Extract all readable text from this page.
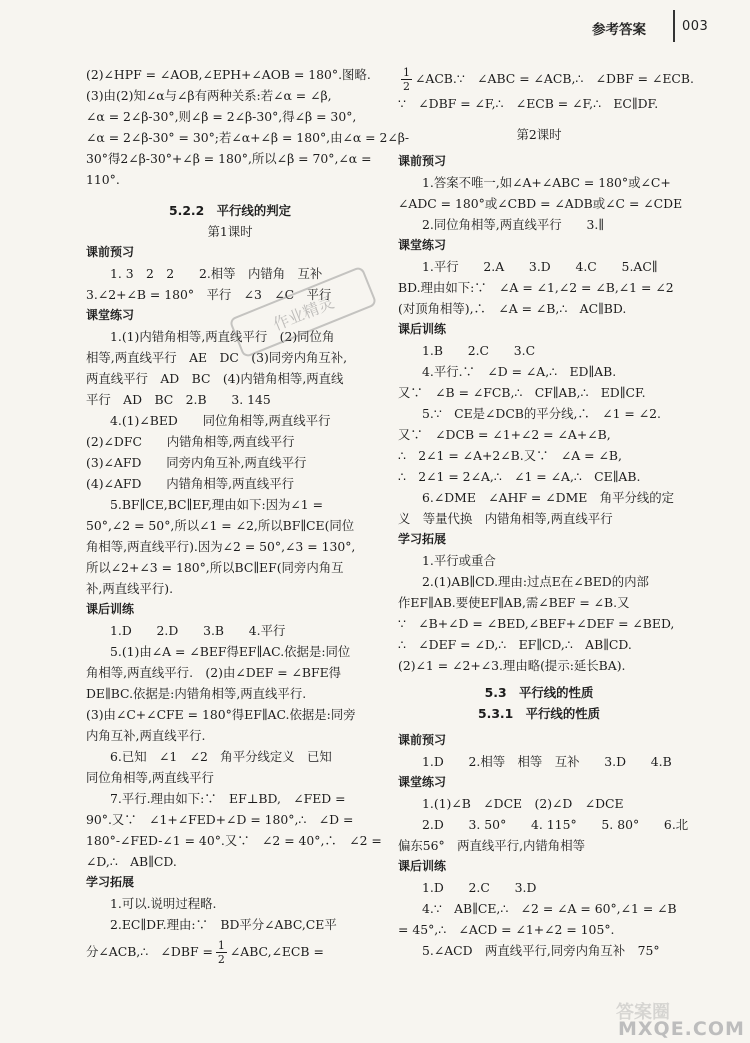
参考答案	003
(2)∠HPF = ∠AOB,∠EPH+∠AOB = 180°.图略.
(3)由(2)知∠α与∠β有两种关系:若∠α = ∠β,
∠α = 2∠β-30°,则∠β = 2∠β-30°,得∠β = 30°,
∠α = 2∠β-30° = 30°;若∠α+∠β = 180°,由∠α = 2∠β-
30°得2∠β-30°+∠β = 180°,所以∠β = 70°,∠α =
110°.
5.2.2　平行线的判定
第1课时
课前预习
1. 3　2　2　　2.相等　内错角　互补
3.∠2+∠B = 180°　平行　∠3　∠C　平行
课堂练习
1.(1)内错角相等,两直线平行　(2)同位角
相等,两直线平行　AE　DC　(3)同旁内角互补,
两直线平行　AD　BC　(4)内错角相等,两直线
平行　AD　BC　2.B　　3. 145
4.(1)∠BED　　同位角相等,两直线平行
(2)∠DFC　　内错角相等,两直线平行
(3)∠AFD　　同旁内角互补,两直线平行
(4)∠AFD　　内错角相等,两直线平行
5.BF∥CE,BC∥EF,理由如下:因为∠1 =
50°,∠2 = 50°,所以∠1 = ∠2,所以BF∥CE(同位
角相等,两直线平行).因为∠2 = 50°,∠3 = 130°,
所以∠2+∠3 = 180°,所以BC∥EF(同旁内角互
补,两直线平行).
课后训练
1.D　　2.D　　3.B　　4.平行
5.(1)由∠A = ∠BEF得EF∥AC.依据是:同位
角相等,两直线平行.　(2)由∠DEF = ∠BFE得
DE∥BC.依据是:内错角相等,两直线平行.
(3)由∠C+∠CFE = 180°得EF∥AC.依据是:同旁
内角互补,两直线平行.
6.已知　∠1　∠2　角平分线定义　已知
同位角相等,两直线平行
7.平行.理由如下:∵　EF⊥BD,　∠FED =
90°.又∵　∠1+∠FED+∠D = 180°,∴　∠D =
180°-∠FED-∠1 = 40°.又∵　∠2 = 40°,∴　∠2 =
∠D,∴　AB∥CD.
学习拓展
1.可以.说明过程略.
2.EC∥DF.理由:∵　BD平分∠ABC,CE平
分∠ACB,∴　∠DBF = $\frac{1}{2}$ ∠ABC,∠ECB =
$\frac{1}{2}$ ∠ACB.∵　∠ABC = ∠ACB,∴　∠DBF = ∠ECB.
∵　∠DBF = ∠F,∴　∠ECB = ∠F,∴　EC∥DF.
第2课时
课前预习
1.答案不唯一,如∠A+∠ABC = 180°或∠C+
∠ADC = 180°或∠CBD = ∠ADB或∠C = ∠CDE
2.同位角相等,两直线平行　　3.∥
课堂练习
1.平行　　2.A　　3.D　　4.C　　5.AC∥
BD.理由如下:∵　∠A = ∠1,∠2 = ∠B,∠1 = ∠2
(对顶角相等),∴　∠A = ∠B,∴　AC∥BD.
课后训练
1.B　　2.C　　3.C
4.平行.∵　∠D = ∠A,∴　ED∥AB.
又∵　∠B = ∠FCB,∴　CF∥AB,∴　ED∥CF.
5.∵　CE是∠DCB的平分线,∴　∠1 = ∠2.
又∵　∠DCB = ∠1+∠2 = ∠A+∠B,
∴　2∠1 = ∠A+2∠B.又∵　∠A = ∠B,
∴　2∠1 = 2∠A,∴　∠1 = ∠A,∴　CE∥AB.
6.∠DME　∠AHF = ∠DME　角平分线的定
义　等量代换　内错角相等,两直线平行
学习拓展
1.平行或重合
2.(1)AB∥CD.理由:过点E在∠BED的内部
作EF∥AB.要使EF∥AB,需∠BEF = ∠B.又
∵　∠B+∠D = ∠BED,∠BEF+∠DEF = ∠BED,
∴　∠DEF = ∠D,∴　EF∥CD,∴　AB∥CD.
(2)∠1 = ∠2+∠3.理由略(提示:延长BA).
5.3　平行线的性质
5.3.1　平行线的性质
课前预习
1.D　　2.相等　相等　互补　　3.D　　4.B
课堂练习
1.(1)∠B　∠DCE　(2)∠D　∠DCE
2.D　　3. 50°　　4. 115°　　5. 80°　　6.北
偏东56°　两直线平行,内错角相等
课后训练
1.D　　2.C　　3.D
4.∵　AB∥CE,∴　∠2 = ∠A = 60°,∠1 = ∠B
= 45°,∴　∠ACD = ∠1+∠2 = 105°.
5.∠ACD　两直线平行,同旁内角互补　75°
作业精灵
答案圈
MXQE.COM
